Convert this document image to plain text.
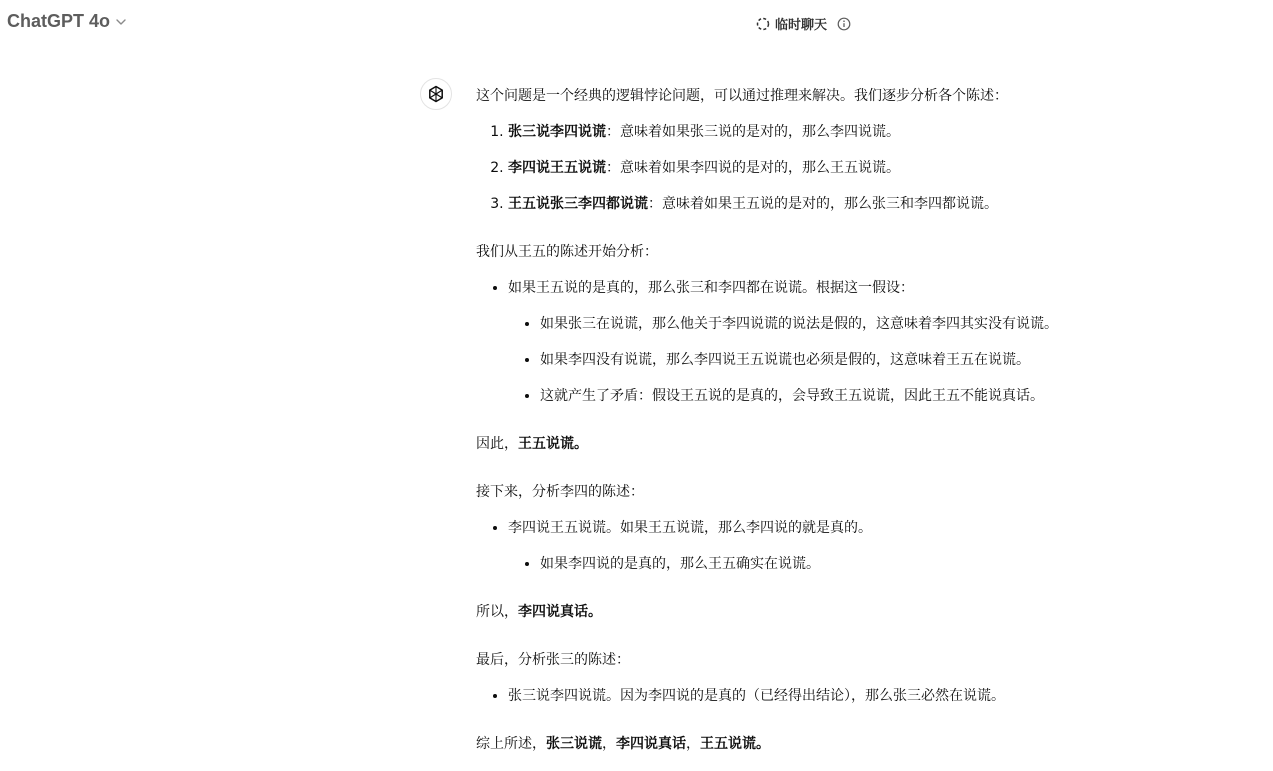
ChatGPT 4o	临时聊天

这个问题是一个经典的逻辑悖论问题，可以通过推理来解决。我们逐步分析各个陈述：

1. 张三说李四说谎：意味着如果张三说的是对的，那么李四说谎。
2. 李四说王五说谎：意味着如果李四说的是对的，那么王五说谎。
3. 王五说张三李四都说谎：意味着如果王五说的是对的，那么张三和李四都说谎。

我们从王五的陈述开始分析：

• 如果王五说的是真的，那么张三和李四都在说谎。根据这一假设：
• 如果张三在说谎，那么他关于李四说谎的说法是假的，这意味着李四其实没有说谎。
• 如果李四没有说谎，那么李四说王五说谎也必须是假的，这意味着王五在说谎。
• 这就产生了矛盾：假设王五说的是真的，会导致王五说谎，因此王五不能说真话。

因此，王五说谎。

接下来，分析李四的陈述：

• 李四说王五说谎。如果王五说谎，那么李四说的就是真的。
• 如果李四说的是真的，那么王五确实在说谎。

所以，李四说真话。

最后，分析张三的陈述：

• 张三说李四说谎。因为李四说的是真的（已经得出结论），那么张三必然在说谎。

综上所述，张三说谎，李四说真话，王五说谎。
